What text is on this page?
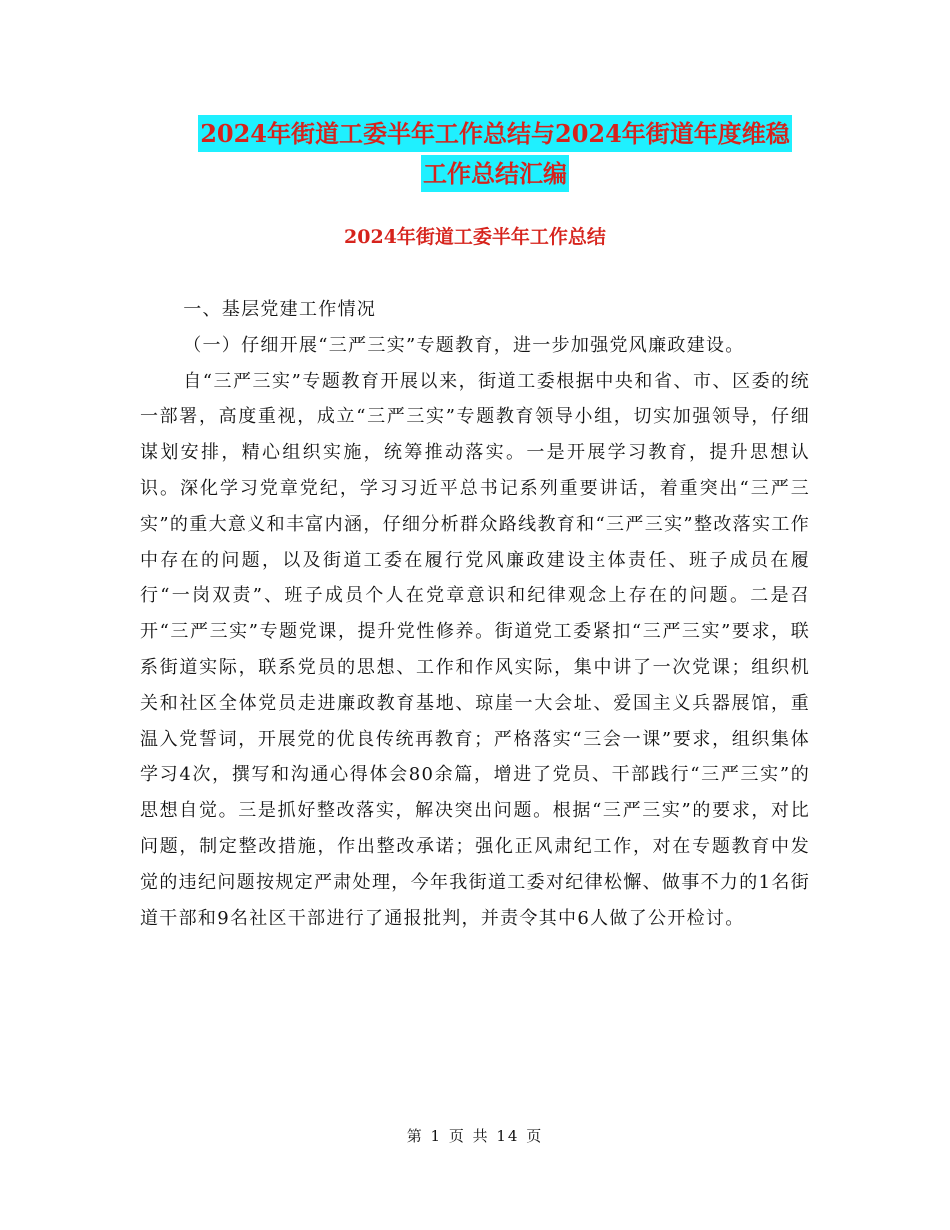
2024年街道工委半年工作总结与2024年街道年度维稳
工作总结汇编
2024年街道工委半年工作总结

一、基层党建工作情况

（一）仔细开展“三严三实”专题教育，进一步加强党风廉政建设。

自“三严三实”专题教育开展以来，街道工委根据中央和省、市、区委的统一部署，高度重视，成立“三严三实”专题教育领导小组，切实加强领导，仔细谋划安排，精心组织实施，统筹推动落实。一是开展学习教育，提升思想认识。深化学习党章党纪，学习习近平总书记系列重要讲话，着重突出“三严三实”的重大意义和丰富内涵，仔细分析群众路线教育和“三严三实”整改落实工作中存在的问题，以及街道工委在履行党风廉政建设主体责任、班子成员在履行“一岗双责”、班子成员个人在党章意识和纪律观念上存在的问题。二是召开“三严三实”专题党课，提升党性修养。街道党工委紧扣“三严三实”要求，联系街道实际，联系党员的思想、工作和作风实际，集中讲了一次党课；组织机关和社区全体党员走进廉政教育基地、琼崖一大会址、爱国主义兵器展馆，重温入党誓词，开展党的优良传统再教育；严格落实“三会一课”要求，组织集体学习4次，撰写和沟通心得体会80余篇，增进了党员、干部践行“三严三实”的思想自觉。三是抓好整改落实，解决突出问题。根据“三严三实”的要求，对比问题，制定整改措施，作出整改承诺；强化正风肃纪工作，对在专题教育中发觉的违纪问题按规定严肃处理，今年我街道工委对纪律松懈、做事不力的1名街道干部和9名社区干部进行了通报批判，并责令其中6人做了公开检讨。

第 1 页 共 14 页
